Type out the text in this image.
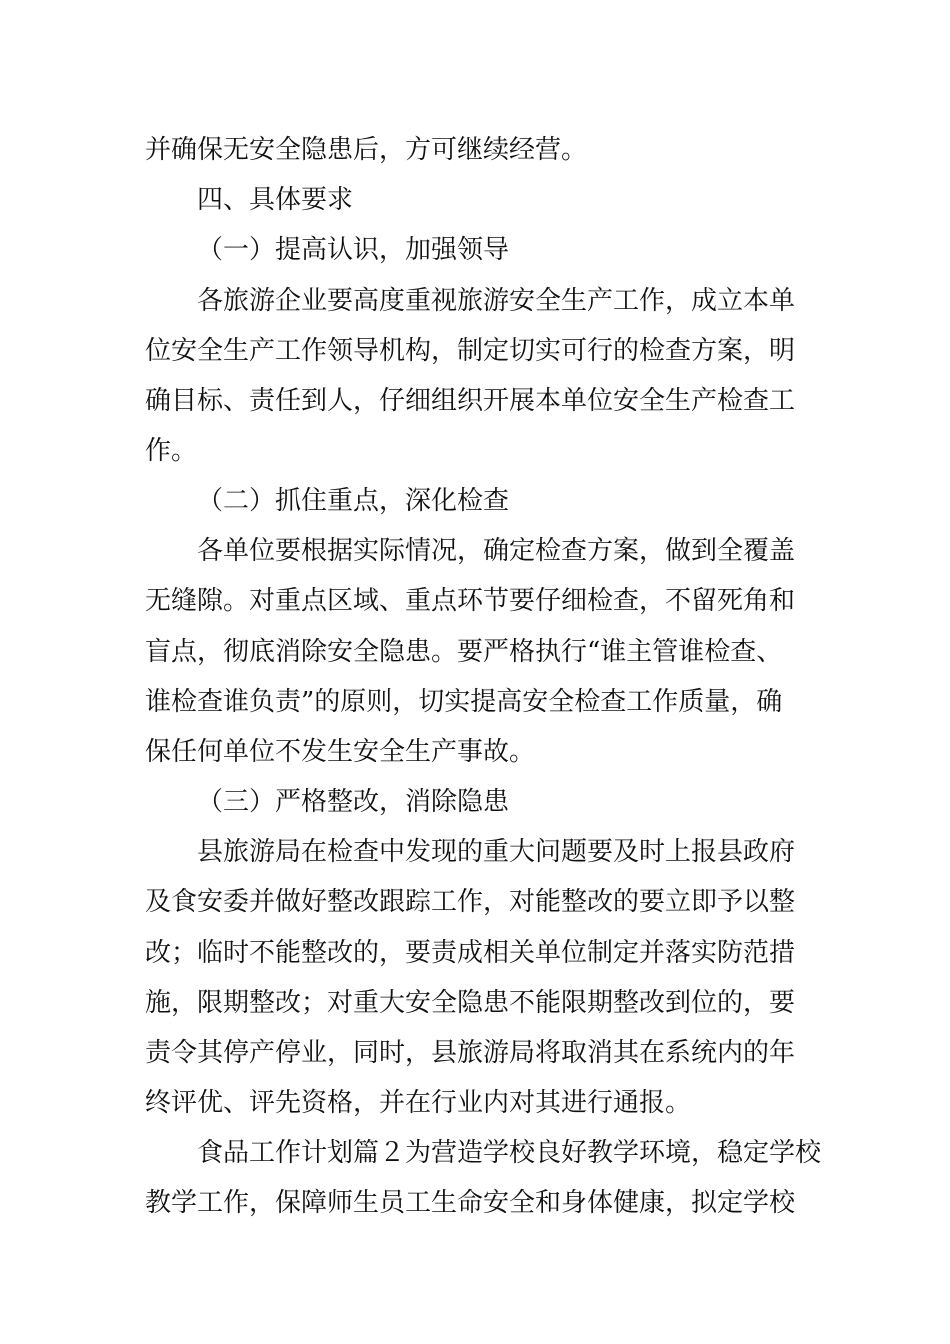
并确保无安全隐患后，方可继续经营。
四、具体要求
（一）提高认识，加强领导
各旅游企业要高度重视旅游安全生产工作，成立本单
位安全生产工作领导机构，制定切实可行的检查方案，明
确目标、责任到人，仔细组织开展本单位安全生产检查工
作。
（二）抓住重点，深化检查
各单位要根据实际情况，确定检查方案，做到全覆盖
无缝隙。对重点区域、重点环节要仔细检查，不留死角和
盲点，彻底消除安全隐患。要严格执行“谁主管谁检查、
谁检查谁负责”的原则，切实提高安全检查工作质量，确
保任何单位不发生安全生产事故。
（三）严格整改，消除隐患
县旅游局在检查中发现的重大问题要及时上报县政府
及食安委并做好整改跟踪工作，对能整改的要立即予以整
改；临时不能整改的，要责成相关单位制定并落实防范措
施，限期整改；对重大安全隐患不能限期整改到位的，要
责令其停产停业，同时，县旅游局将取消其在系统内的年
终评优、评先资格，并在行业内对其进行通报。
食品工作计划篇２为营造学校良好教学环境，稳定学校
教学工作，保障师生员工生命安全和身体健康，拟定学校
